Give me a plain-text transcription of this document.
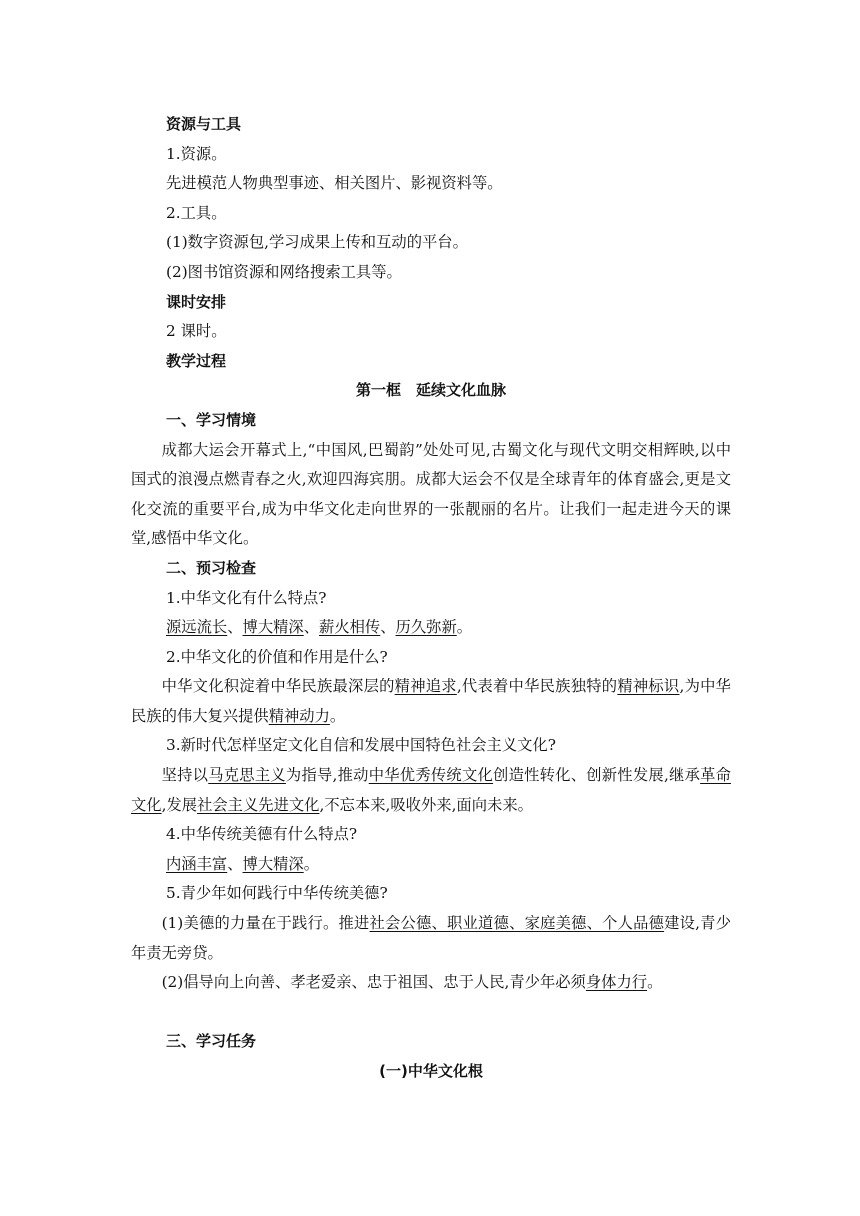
资源与工具
1.资源。
先进模范人物典型事迹、相关图片、影视资料等。
2.工具。
(1)数字资源包,学习成果上传和互动的平台。
(2)图书馆资源和网络搜索工具等。
课时安排
2 课时。
教学过程
第一框　延续文化血脉
一、学习情境
成都大运会开幕式上,“中国风,巴蜀韵”处处可见,古蜀文化与现代文明交相辉映,以中国式的浪漫点燃青春之火,欢迎四海宾朋。成都大运会不仅是全球青年的体育盛会,更是文化交流的重要平台,成为中华文化走向世界的一张靓丽的名片。让我们一起走进今天的课堂,感悟中华文化。
二、预习检查
1.中华文化有什么特点?
源远流长、博大精深、薪火相传、历久弥新。
2.中华文化的价值和作用是什么?
中华文化积淀着中华民族最深层的精神追求,代表着中华民族独特的精神标识,为中华民族的伟大复兴提供精神动力。
3.新时代怎样坚定文化自信和发展中国特色社会主义文化?
坚持以马克思主义为指导,推动中华优秀传统文化创造性转化、创新性发展,继承革命文化,发展社会主义先进文化,不忘本来,吸收外来,面向未来。
4.中华传统美德有什么特点?
内涵丰富、博大精深。
5.青少年如何践行中华传统美德?
(1)美德的力量在于践行。推进社会公德、职业道德、家庭美德、个人品德建设,青少年责无旁贷。
(2)倡导向上向善、孝老爱亲、忠于祖国、忠于人民,青少年必须身体力行。
三、学习任务
(一)中华文化根
